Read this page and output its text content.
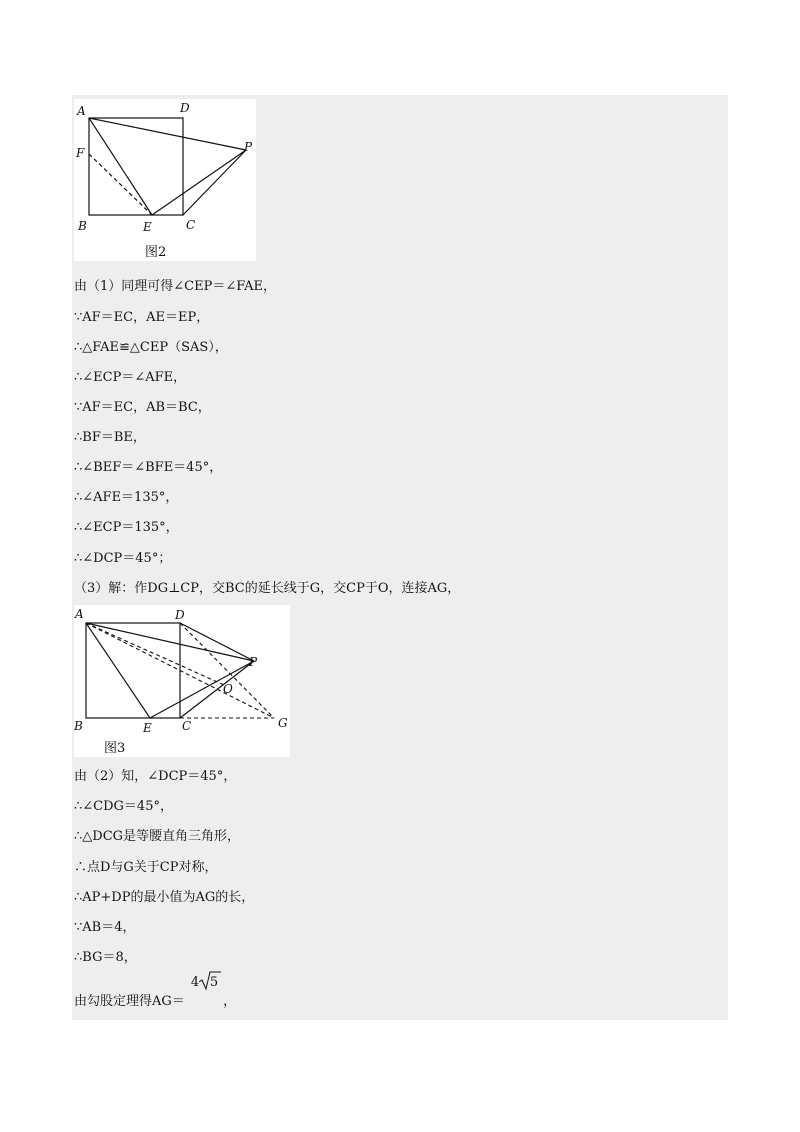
A	D
F	P
B	E	C
图2
由（1）同理可得∠CEP＝∠FAE，
∵AF＝EC，AE＝EP，
∴△FAE≌△CEP（SAS），
∴∠ECP＝∠AFE，
∵AF＝EC，AB＝BC，
∴BF＝BE，
∴∠BEF＝∠BFE＝45°，
∴∠AFE＝135°，
∴∠ECP＝135°，
∴∠DCP＝45°；
（3）解：作DG⊥CP，交BC的延长线于G，交CP于O，连接AG，
A	D
P
O
B	E	C	G
图3
由（2）知，∠DCP＝45°，
∴∠CDG＝45°，
∴△DCG是等腰直角三角形，
∴点D与G关于CP对称，
∴AP+DP的最小值为AG的长，
∵AB＝4，
∴BG＝8，
由勾股定理得AG＝
4 5
，
